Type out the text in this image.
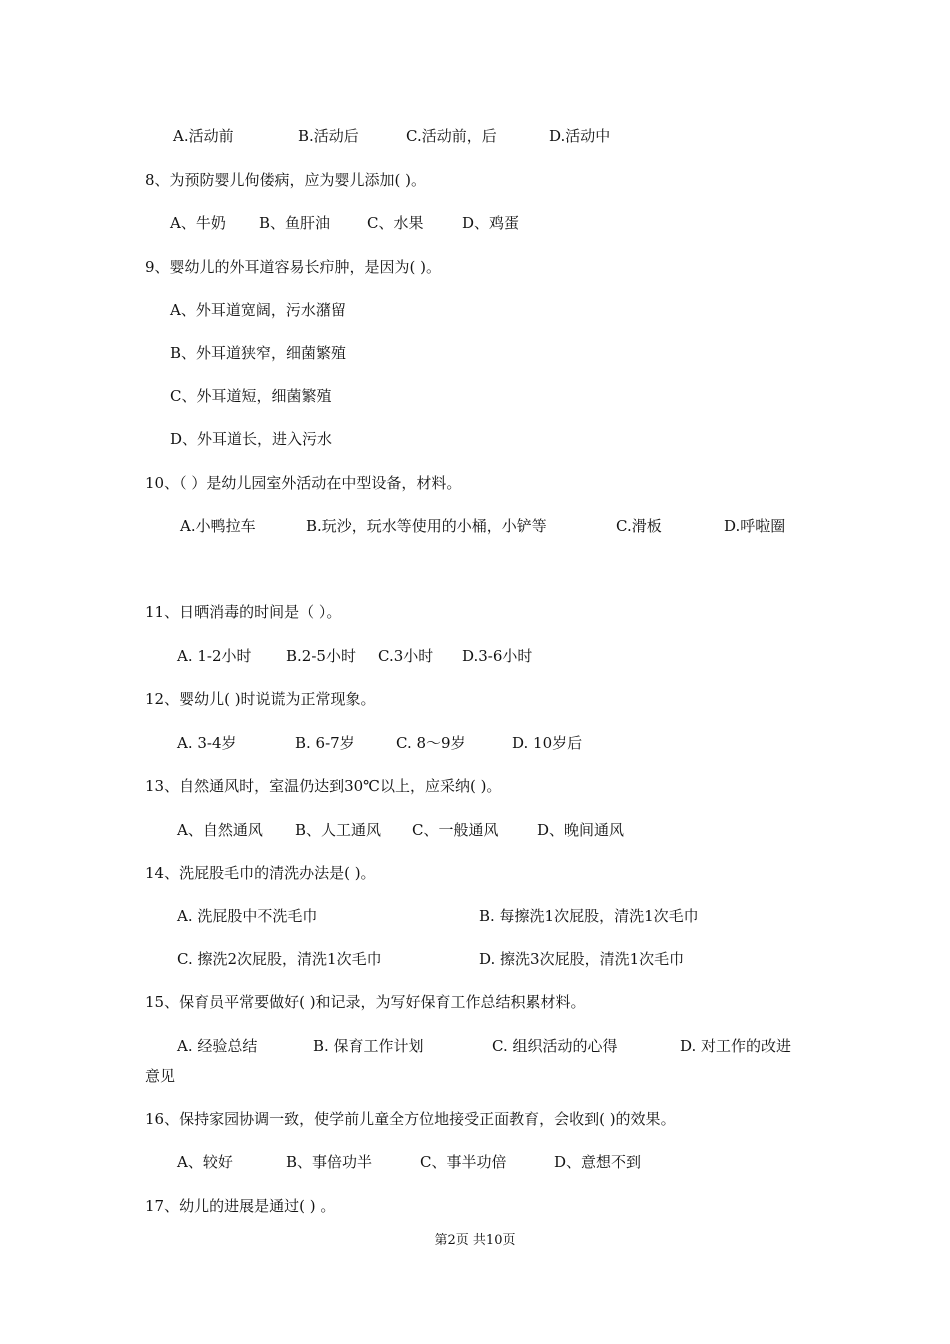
A.活动前	B.活动后	C.活动前，后	D.活动中
8、为预防婴儿佝偻病，应为婴儿添加( )。
A、牛奶 B、鱼肝油 C、水果	D、鸡蛋
9、婴幼儿的外耳道容易长疖肿，是因为( )。
A、外耳道宽阔，污水潴留
B、外耳道狭窄，细菌繁殖
C、外耳道短，细菌繁殖
D、外耳道长，进入污水
10、（ ）是幼儿园室外活动在中型设备，材料。
A.小鸭拉车	B.玩沙，玩水等使用的小桶，小铲等	C.滑板	D.呼啦圈
11、日晒消毒的时间是（ ）。
A. 1-2小时 B.2-5小时 C.3小时 D.3-6小时
12、婴幼儿( )时说谎为正常现象。
A. 3-4岁	B. 6-7岁	C. 8～9岁	D. 10岁后
13、自然通风时，室温仍达到30℃以上，应采纳( )。
A、自然通风 B、人工通风 C、一般通风	D、晚间通风
14、洗屁股毛巾的清洗办法是( )。
A. 洗屁股中不洗毛巾	B. 每擦洗1次屁股，清洗1次毛巾
C. 擦洗2次屁股，清洗1次毛巾	D. 擦洗3次屁股，清洗1次毛巾
15、保育员平常要做好( )和记录，为写好保育工作总结积累材料。
A. 经验总结	B. 保育工作计划	C. 组织活动的心得	D. 对工作的改进
意见
16、保持家园协调一致，使学前儿童全方位地接受正面教育，会收到( )的效果。
A、较好	B、事倍功半	C、事半功倍	D、意想不到
17、幼儿的进展是通过( ) 。
第2页 共10页
